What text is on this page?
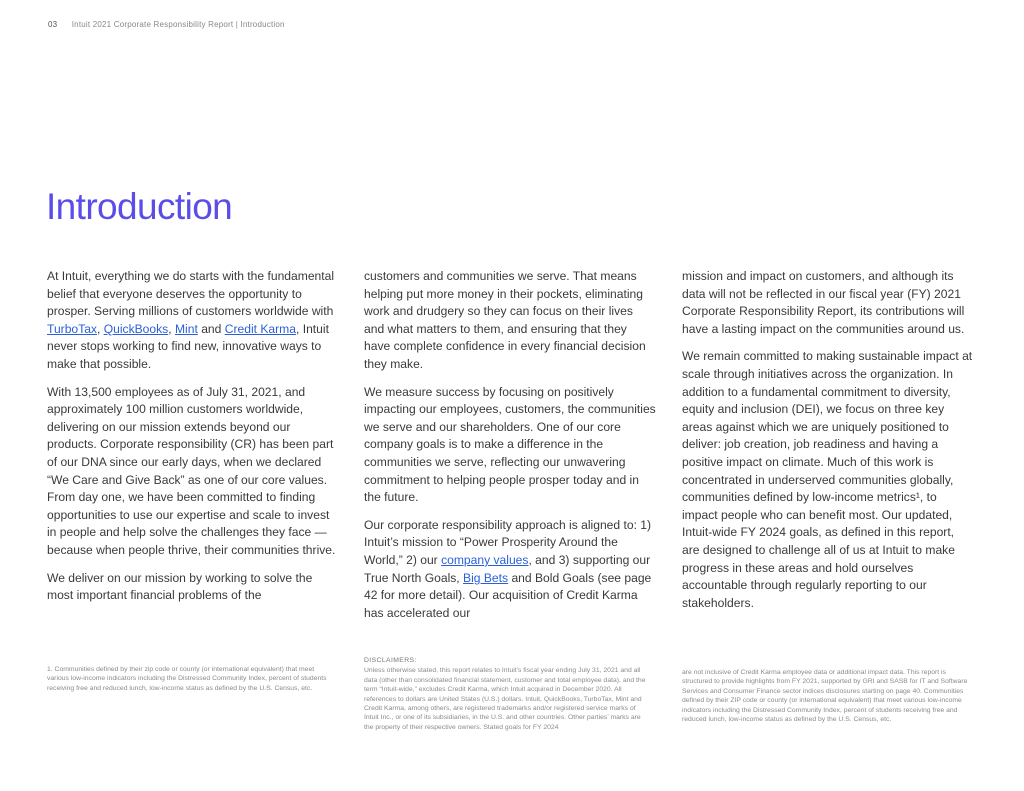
03 Intuit 2021 Corporate Responsibility Report | Introduction
Introduction

At Intuit, everything we do starts with the fundamental belief that everyone deserves the opportunity to prosper. Serving millions of customers worldwide with TurboTax, QuickBooks, Mint and Credit Karma, Intuit never stops working to find new, innovative ways to make that possible.

With 13,500 employees as of July 31, 2021, and approximately 100 million customers worldwide, delivering on our mission extends beyond our products. Corporate responsibility (CR) has been part of our DNA since our early days, when we declared “We Care and Give Back” as one of our core values. From day one, we have been committed to finding opportunities to use our expertise and scale to invest in people and help solve the challenges they face — because when people thrive, their communities thrive.

We deliver on our mission by working to solve the most important financial problems of the

customers and communities we serve. That means helping put more money in their pockets, eliminating work and drudgery so they can focus on their lives and what matters to them, and ensuring that they have complete confidence in every financial decision they make.

We measure success by focusing on positively impacting our employees, customers, the communities we serve and our shareholders. One of our core company goals is to make a difference in the communities we serve, reflecting our unwavering commitment to helping people prosper today and in the future.

Our corporate responsibility approach is aligned to: 1) Intuit’s mission to “Power Prosperity Around the World,” 2) our company values, and 3) supporting our True North Goals, Big Bets and Bold Goals (see page 42 for more detail). Our acquisition of Credit Karma has accelerated our

mission and impact on customers, and although its data will not be reflected in our fiscal year (FY) 2021 Corporate Responsibility Report, its contributions will have a lasting impact on the communities around us.

We remain committed to making sustainable impact at scale through initiatives across the organization. In addition to a fundamental commitment to diversity, equity and inclusion (DEI), we focus on three key areas against which we are uniquely positioned to deliver: job creation, job readiness and having a positive impact on climate. Much of this work is concentrated in underserved communities globally, communities defined by low-income metrics¹, to impact people who can benefit most. Our updated, Intuit-wide FY 2024 goals, as defined in this report, are designed to challenge all of us at Intuit to make progress in these areas and hold ourselves accountable through regularly reporting to our stakeholders.

1. Communities defined by their zip code or county (or international equivalent) that meet various low-income indicators including the Distressed Community Index, percent of students receiving free and reduced lunch, low-income status as defined by the U.S. Census, etc.
DISCLAIMERS:
Unless otherwise stated, this report relates to Intuit’s fiscal year ending July 31, 2021 and all data (other than consolidated financial statement, customer and total employee data), and the term “Intuit-wide,” excludes Credit Karma, which Intuit acquired in December 2020. All references to dollars are United States (U.S.) dollars. Intuit, QuickBooks, TurboTax, Mint and Credit Karma, among others, are registered trademarks and/or registered service marks of Intuit Inc., or one of its subsidiaries, in the U.S. and other countries. Other parties’ marks are the property of their respective owners. Stated goals for FY 2024
are not inclusive of Credit Karma employee data or additional impact data. This report is structured to provide highlights from FY 2021, supported by GRI and SASB for IT and Software Services and Consumer Finance sector indices disclosures starting on page 40. Communities defined by their ZIP code or county (or international equivalent) that meet various low-income indicators including the Distressed Community Index, percent of students receiving free and reduced lunch, low-income status as defined by the U.S. Census, etc.
